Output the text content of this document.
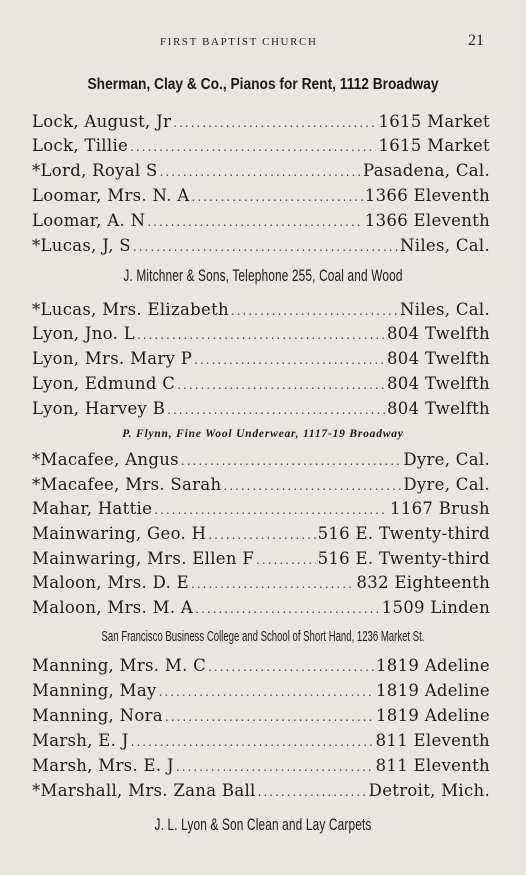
FIRST BAPTIST CHURCH	21
Sherman, Clay & Co., Pianos for Rent, 1112 Broadway
Lock, August, Jr .....	1615 Market
Lock, Tillie .....	1615 Market
*Lord, Royal S .....	Pasadena, Cal.
Loomar, Mrs. N. A .....	1366 Eleventh
Loomar, A. N .....	1366 Eleventh
*Lucas, J, S .....	Niles, Cal.
J. Mitchner & Sons, Telephone 255, Coal and Wood
*Lucas, Mrs. Elizabeth .....	Niles, Cal.
Lyon, Jno. L .....	804 Twelfth
Lyon, Mrs. Mary P .....	804 Twelfth
Lyon, Edmund C .....	804 Twelfth
Lyon, Harvey B .....	804 Twelfth
P. Flynn, Fine Wool Underwear, 1117-19 Broadway
*Macafee, Angus .....	Dyre, Cal.
*Macafee, Mrs. Sarah .....	Dyre, Cal.
Mahar, Hattie .....	1167 Brush
Mainwaring, Geo. H .....	516 E. Twenty-third
Mainwaring, Mrs. Ellen F .....	516 E. Twenty-third
Maloon, Mrs. D. E .....	832 Eighteenth
Maloon, Mrs. M. A .....	1509 Linden
San Francisco Business College and School of Short Hand, 1236 Market St.
Manning, Mrs. M. C .....	1819 Adeline
Manning, May .....	1819 Adeline
Manning, Nora .....	1819 Adeline
Marsh, E. J .....	811 Eleventh
Marsh, Mrs. E. J .....	811 Eleventh
*Marshall, Mrs. Zana Ball .....	Detroit, Mich.
J. L. Lyon & Son Clean and Lay Carpets
